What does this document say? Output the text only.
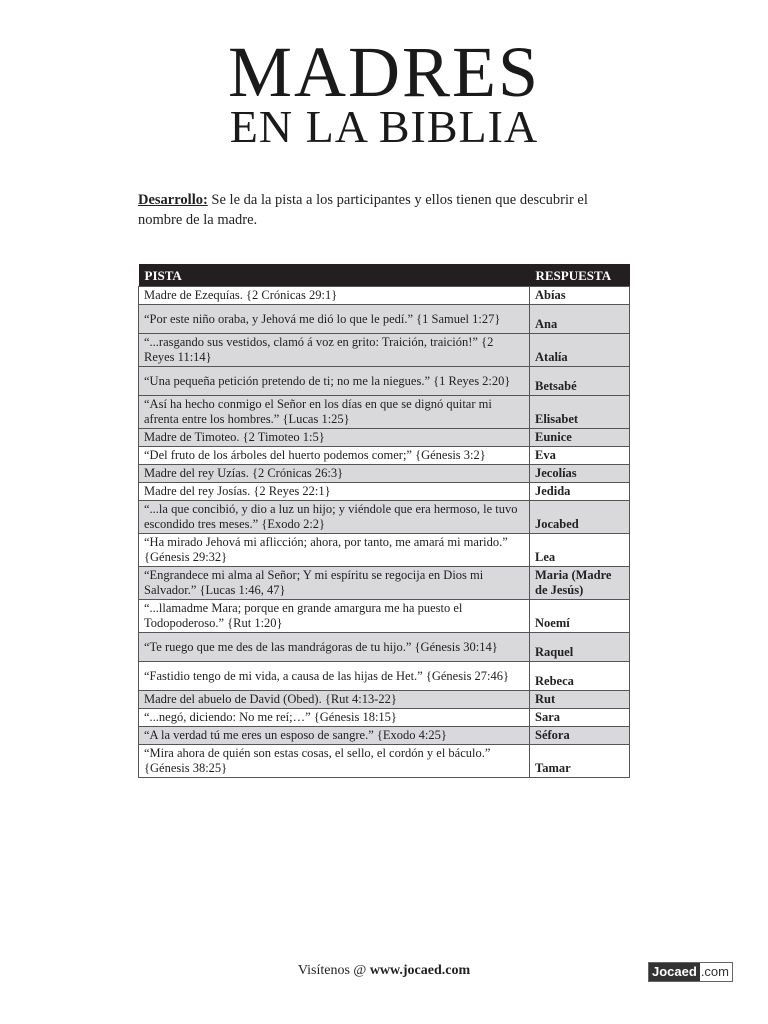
MADRES
EN LA BIBLIA
Desarrollo: Se le da la pista a los participantes y ellos tienen que descubrir el nombre de la madre.
PISTA	RESPUESTA
Madre de Ezequías. {2 Crónicas 29:1}	Abías
“Por este niño oraba, y Jehová me dió lo que le pedí.” {1 Samuel 1:27}	Ana
“...rasgando sus vestidos, clamó á voz en grito: Traición, traición!” {2 Reyes 11:14}	Atalía
“Una pequeña petición pretendo de ti; no me la niegues.” {1 Reyes 2:20}	Betsabé
“Así ha hecho conmigo el Señor en los días en que se dignó quitar mi afrenta entre los hombres.” {Lucas 1:25}	Elisabet
Madre de Timoteo. {2 Timoteo 1:5}	Eunice
“Del fruto de los árboles del huerto podemos comer;” {Génesis 3:2}	Eva
Madre del rey Uzías. {2 Crónicas 26:3}	Jecolías
Madre del rey Josías. {2 Reyes 22:1}	Jedida
“...la que concibió, y dio a luz un hijo; y viéndole que era hermoso, le tuvo escondido tres meses.” {Exodo 2:2}	Jocabed
“Ha mirado Jehová mi aflicción; ahora, por tanto, me amará mi marido.” {Génesis 29:32}	Lea
“Engrandece mi alma al Señor; Y mi espíritu se regocija en Dios mi Salvador.” {Lucas 1:46, 47}	Maria (Madre de Jesús)
“...llamadme Mara; porque en grande amargura me ha puesto el Todopoderoso.” {Rut 1:20}	Noemí
“Te ruego que me des de las mandrágoras de tu hijo.” {Génesis 30:14}	Raquel
“Fastidio tengo de mi vida, a causa de las hijas de Het.” {Génesis 27:46}	Rebeca
Madre del abuelo de David (Obed). {Rut 4:13-22}	Rut
“...negó, diciendo: No me reí;…” {Génesis 18:15}	Sara
“A la verdad tú me eres un esposo de sangre.” {Exodo 4:25}	Séfora
“Mira ahora de quién son estas cosas, el sello, el cordón y el báculo.” {Génesis 38:25}	Tamar
Visítenos @ www.jocaed.com	Jocaed .com
